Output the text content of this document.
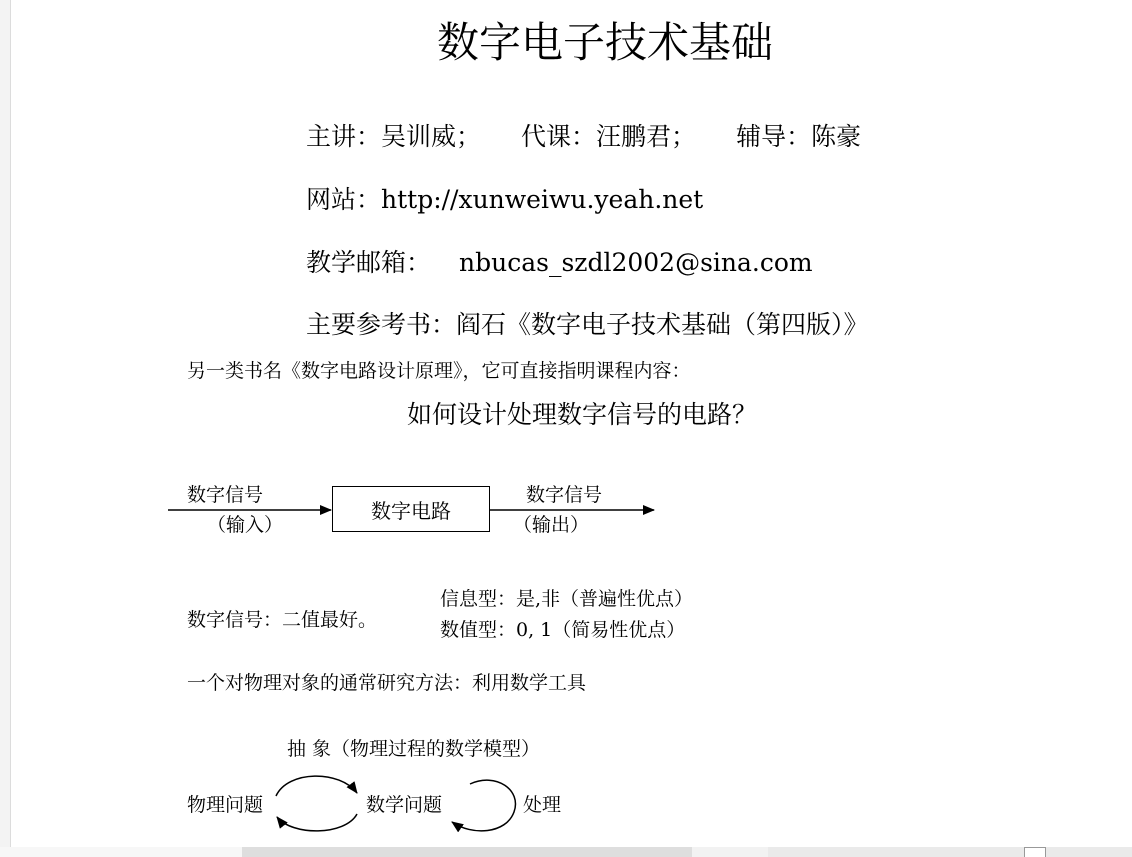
数字电子技术基础
主讲：吴训威； 代课：汪鹏君； 辅导：陈豪
网站：http://xunweiwu.yeah.net
教学邮箱： nbucas_szdl2002@sina.com
主要参考书：阎石《数字电子技术基础（第四版）》
另一类书名《数字电路设计原理》，它可直接指明课程内容：
如何设计处理数字信号的电路？
数字信号
（输入）
数字电路
数字信号
（输出）
数字信号：二值最好。
信息型：是,非（普遍性优点）
数值型：0, 1（简易性优点）
一个对物理对象的通常研究方法：利用数学工具
抽 象（物理过程的数学模型）
物理问题	数学问题	处理
